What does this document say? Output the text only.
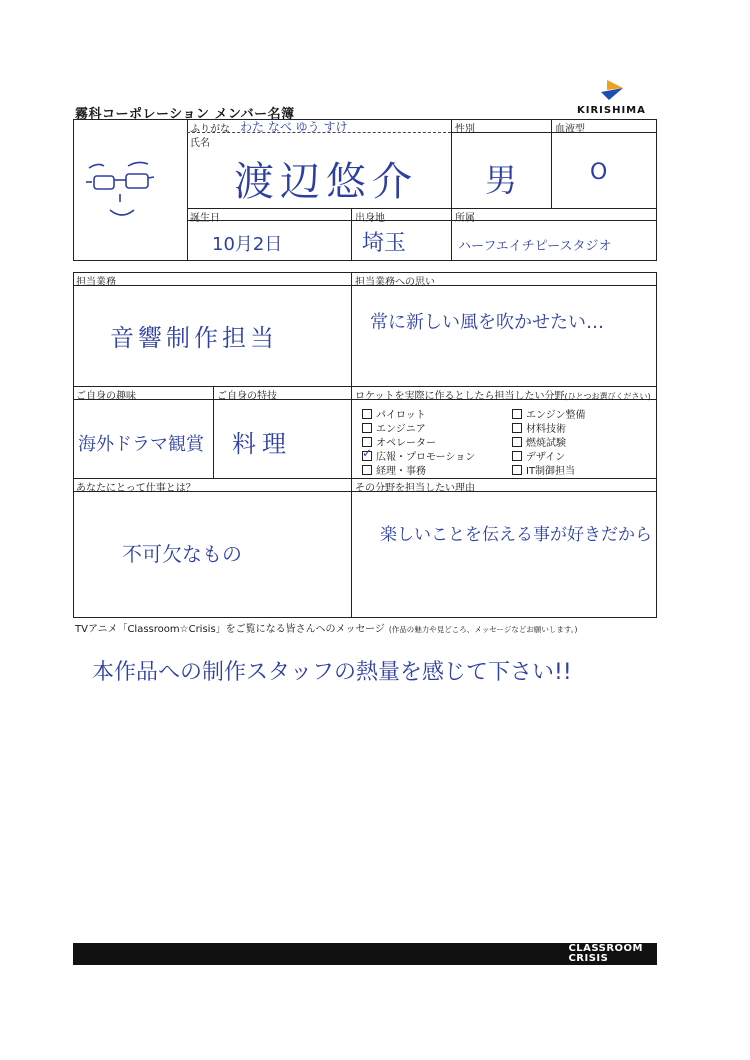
霧科コーポレーション メンバー名簿	KIRISHIMA
ふりがな わた なべ ゆう すけ
氏名
渡辺悠介
性別
男
血液型
O
誕生日
10月2日
出身地
埼玉
所属
ハーフエイチピースタジオ
担当業務
音響制作担当
担当業務への思い
常に新しい風を吹かせたい…
ご自身の趣味
海外ドラマ観賞
ご自身の特技
料理
ロケットを実際に作るとしたら担当したい分野(ひとつお選びください)
パイロット
エンジニア
オペレーター
✓
広報・プロモーション
経理・事務
エンジン整備
材料技術
燃焼試験
デザイン
IT制御担当
あなたにとって仕事とは？
不可欠なもの
その分野を担当したい理由
楽しいことを伝える事が好きだから
TVアニメ「Classroom☆Crisis」をご覧になる皆さんへのメッセージ (作品の魅力や見どころ、メッセージなどお願いします。)
本作品への制作スタッフの熱量を感じて下さい!!
CLASSROOM
CRISIS
